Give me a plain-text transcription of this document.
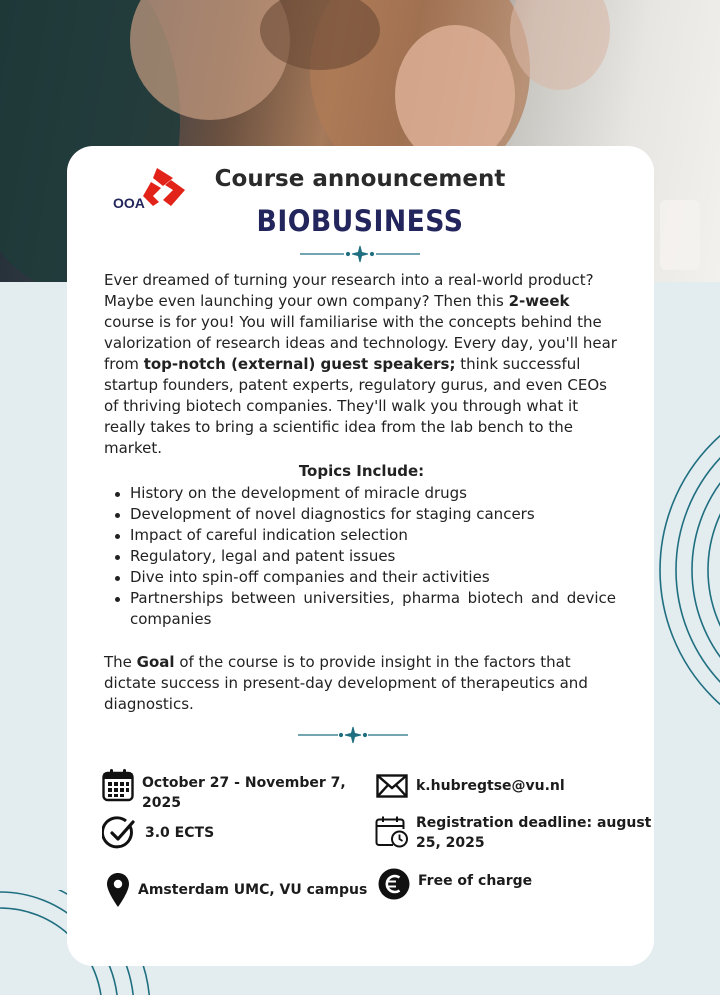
OOA
Course announcement
BIOBUSINESS

Ever dreamed of turning your research into a real-world product? Maybe even launching your own company? Then this 2-week course is for you! You will familiarise with the concepts behind the valorization of research ideas and technology. Every day, you'll hear from top-notch (external) guest speakers; think successful startup founders, patent experts, regulatory gurus, and even CEOs of thriving biotech companies. They'll walk you through what it really takes to bring a scientific idea from the lab bench to the market.

Topics Include:
History on the development of miracle drugs
Development of novel diagnostics for staging cancers
Impact of careful indication selection
Regulatory, legal and patent issues
Dive into spin-off companies and their activities
Partnerships between universities, pharma biotech and device companies

The Goal of the course is to provide insight in the factors that dictate success in present-day development of therapeutics and diagnostics.

October 27 - November 7, 2025
k.hubregtse@vu.nl
3.0 ECTS
Registration deadline: august 25, 2025
Amsterdam UMC, VU campus
Free of charge
